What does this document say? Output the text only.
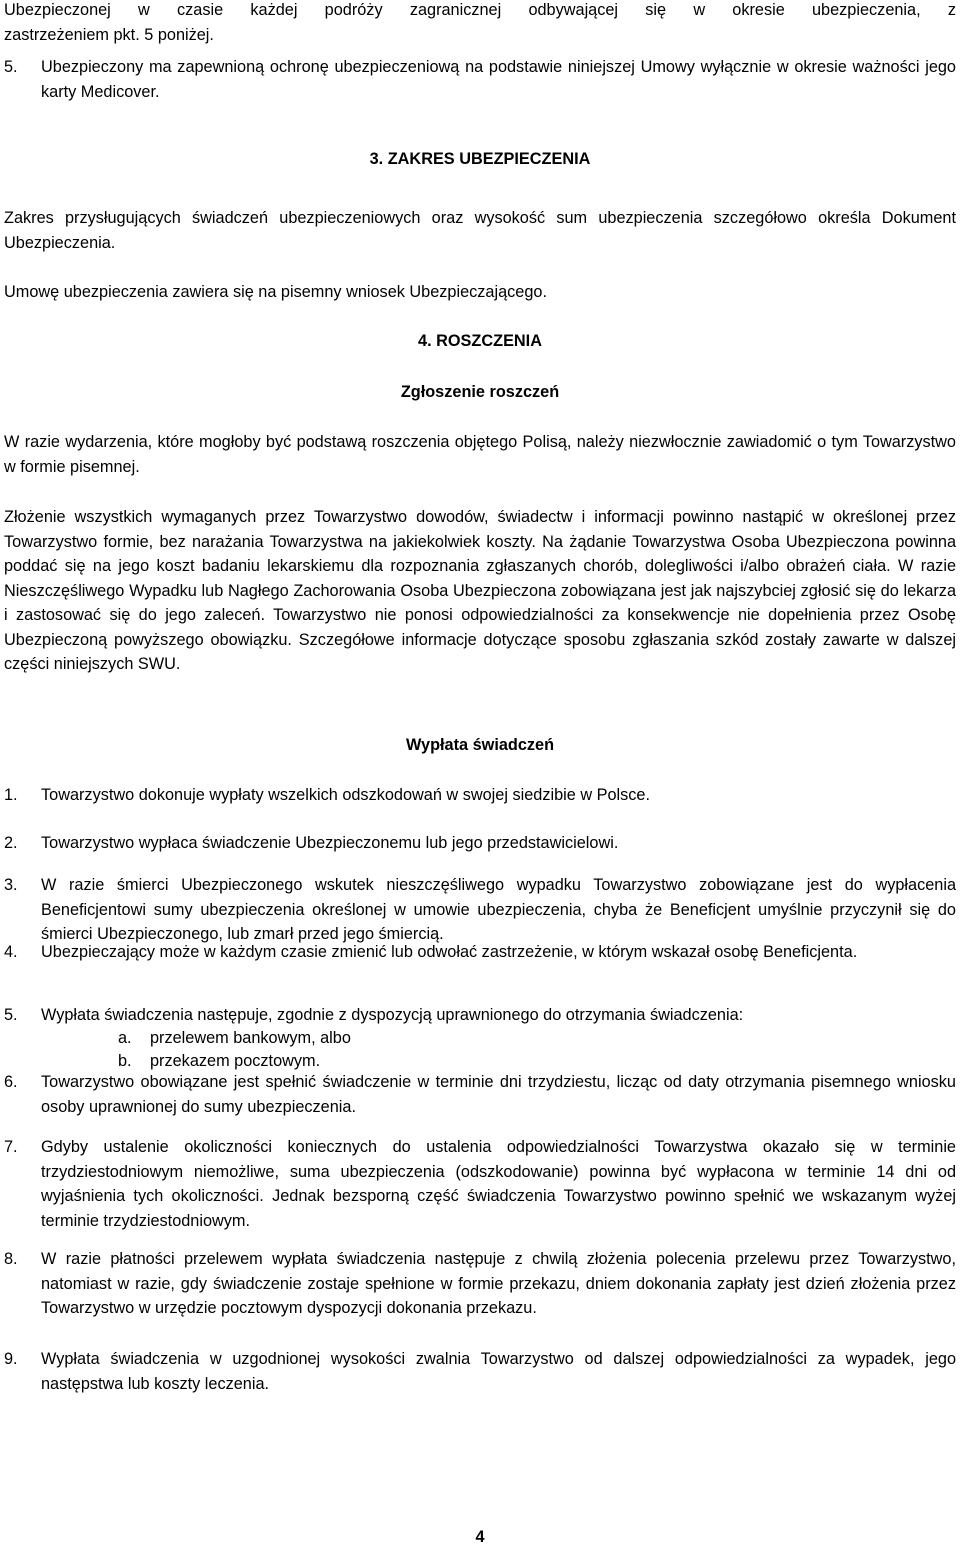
Ubezpieczonej w czasie każdej podróży zagranicznej odbywającej się w okresie ubezpieczenia, z
zastrzeżeniem pkt. 5 poniżej.
5. Ubezpieczony ma zapewnioną ochronę ubezpieczeniową na podstawie niniejszej Umowy wyłącznie w okresie ważności jego karty Medicover.
3. ZAKRES UBEZPIECZENIA
Zakres przysługujących świadczeń ubezpieczeniowych oraz wysokość sum ubezpieczenia szczegółowo określa Dokument Ubezpieczenia.
Umowę ubezpieczenia zawiera się na pisemny wniosek Ubezpieczającego.
4. ROSZCZENIA
Zgłoszenie roszczeń
W razie wydarzenia, które mogłoby być podstawą roszczenia objętego Polisą, należy niezwłocznie zawiadomić o tym Towarzystwo w formie pisemnej.
Złożenie wszystkich wymaganych przez Towarzystwo dowodów, świadectw i informacji powinno nastąpić w określonej przez Towarzystwo formie, bez narażania Towarzystwa na jakiekolwiek koszty. Na żądanie Towarzystwa Osoba Ubezpieczona powinna poddać się na jego koszt badaniu lekarskiemu dla rozpoznania zgłaszanych chorób, dolegliwości i/albo obrażeń ciała. W razie Nieszczęśliwego Wypadku lub Nagłego Zachorowania Osoba Ubezpieczona zobowiązana jest jak najszybciej zgłosić się do lekarza i zastosować się do jego zaleceń. Towarzystwo nie ponosi odpowiedzialności za konsekwencje nie dopełnienia przez Osobę Ubezpieczoną powyższego obowiązku. Szczegółowe informacje dotyczące sposobu zgłaszania szkód zostały zawarte w dalszej części niniejszych SWU.
Wypłata świadczeń
1. Towarzystwo dokonuje wypłaty wszelkich odszkodowań w swojej siedzibie w Polsce.
2. Towarzystwo wypłaca świadczenie Ubezpieczonemu lub jego przedstawicielowi.
3. W razie śmierci Ubezpieczonego wskutek nieszczęśliwego wypadku Towarzystwo zobowiązane jest do wypłacenia Beneficjentowi sumy ubezpieczenia określonej w umowie ubezpieczenia, chyba że Beneficjent umyślnie przyczynił się do śmierci Ubezpieczonego, lub zmarł przed jego śmiercią.
4. Ubezpieczający może w każdym czasie zmienić lub odwołać zastrzeżenie, w którym wskazał osobę Beneficjenta.
5. Wypłata świadczenia następuje, zgodnie z dyspozycją uprawnionego do otrzymania świadczenia:
a. przelewem bankowym, albo
b. przekazem pocztowym.
6. Towarzystwo obowiązane jest spełnić świadczenie w terminie dni trzydziestu, licząc od daty otrzymania pisemnego wniosku osoby uprawnionej do sumy ubezpieczenia.
7. Gdyby ustalenie okoliczności koniecznych do ustalenia odpowiedzialności Towarzystwa okazało się w terminie trzydziestodniowym niemożliwe, suma ubezpieczenia (odszkodowanie) powinna być wypłacona w terminie 14 dni od wyjaśnienia tych okoliczności. Jednak bezsporną część świadczenia Towarzystwo powinno spełnić we wskazanym wyżej terminie trzydziestodniowym.
8. W razie płatności przelewem wypłata świadczenia następuje z chwilą złożenia polecenia przelewu przez Towarzystwo, natomiast w razie, gdy świadczenie zostaje spełnione w formie przekazu, dniem dokonania zapłaty jest dzień złożenia przez Towarzystwo w urzędzie pocztowym dyspozycji dokonania przekazu.
9. Wypłata świadczenia w uzgodnionej wysokości zwalnia Towarzystwo od dalszej odpowiedzialności za wypadek, jego następstwa lub koszty leczenia.
4
